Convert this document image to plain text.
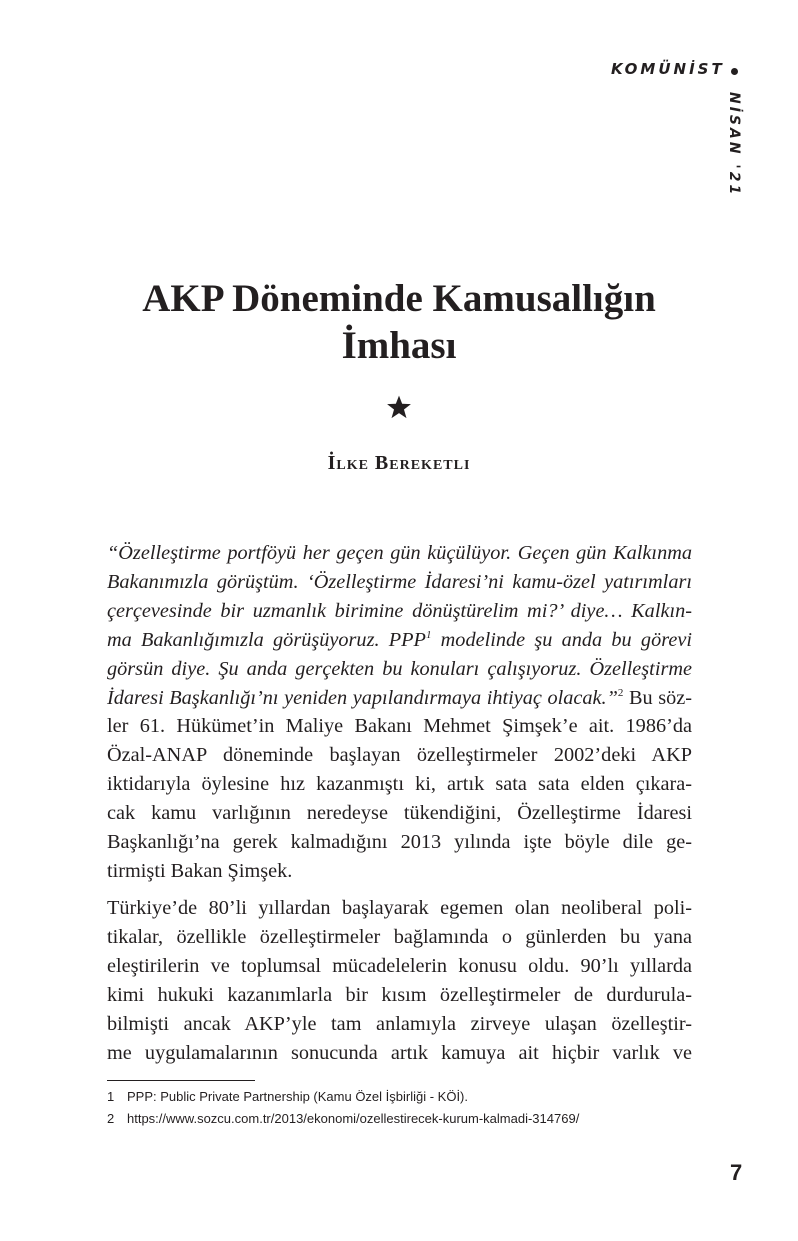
KOMÜNİST
NİSAN '21
AKP Döneminde Kamusallığın
İmhası
İlke Bereketli
“Özelleştirme portföyü her geçen gün küçülüyor. Geçen gün Kalkınma
Bakanımızla görüştüm. ‘Özelleştirme İdaresi’ni kamu-özel yatırımları
çerçevesinde bir uzmanlık birimine dönüştürelim mi?’ diye… Kalkın-
ma Bakanlığımızla görüşüyoruz. PPP$^1$ modelinde şu anda bu görevi
görsün diye. Şu anda gerçekten bu konuları çalışıyoruz. Özelleştirme
İdaresi Başkanlığı’nı yeniden yapılandırmaya ihtiyaç olacak.”$^2$ Bu söz-
ler 61. Hükümet’in Maliye Bakanı Mehmet Şimşek’e ait. 1986’da
Özal-ANAP döneminde başlayan özelleştirmeler 2002’deki AKP
iktidarıyla öylesine hız kazanmıştı ki, artık sata sata elden çıkara-
cak kamu varlığının neredeyse tükendiğini, Özelleştirme İdaresi
Başkanlığı’na gerek kalmadığını 2013 yılında işte böyle dile ge-
tirmişti Bakan Şimşek.
Türkiye’de 80’li yıllardan başlayarak egemen olan neoliberal poli-
tikalar, özellikle özelleştirmeler bağlamında o günlerden bu yana
eleştirilerin ve toplumsal mücadelelerin konusu oldu. 90’lı yıllarda
kimi hukuki kazanımlarla bir kısım özelleştirmeler de durdurula-
bilmişti ancak AKP’yle tam anlamıyla zirveye ulaşan özelleştir-
me uygulamalarının sonucunda artık kamuya ait hiçbir varlık ve
1 PPP: Public Private Partnership (Kamu Özel İşbirliği - KÖİ).
2 https://www.sozcu.com.tr/2013/ekonomi/ozellestirecek-kurum-kalmadi-314769/
7
